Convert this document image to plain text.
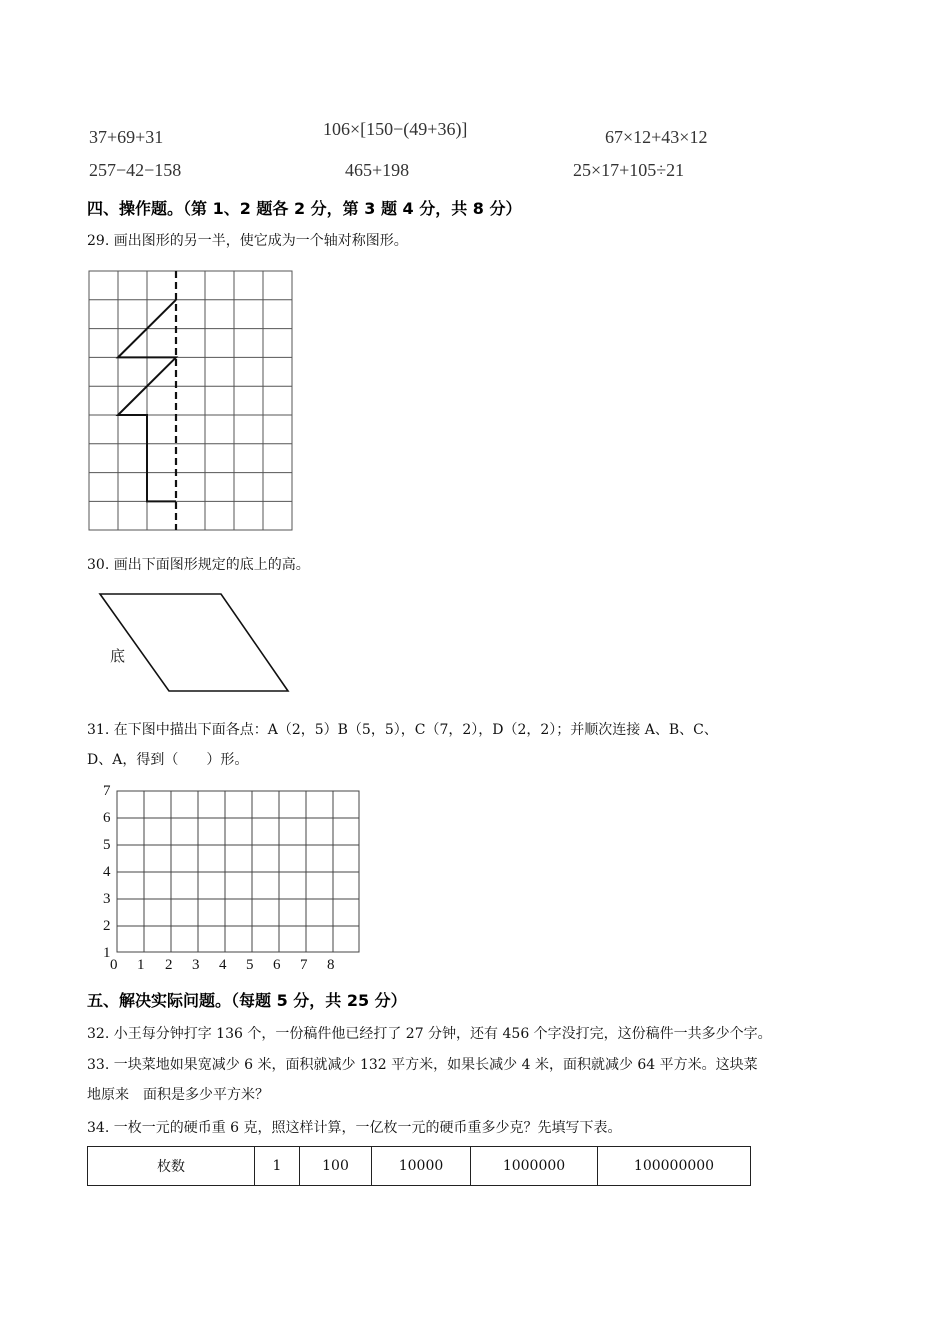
37+69+31	106×[150−(49+36)]	67×12+43×12
257−42−158	465+198	25×17+105÷21
四、操作题。（第 1、2 题各 2 分，第 3 题 4 分，共 8 分）
29. 画出图形的另一半，使它成为一个轴对称图形。
30. 画出下面图形规定的底上的高。
底
31. 在下图中描出下面各点：A（2，5）B（5，5），C（7，2），D（2，2）；并顺次连接 A、B、C、
D、A，得到（　　）形。
7
6
5
4
3
2
1
0 1 2 3 4 5 6 7 8
五、解决实际问题。（每题 5 分，共 25 分）
32. 小王每分钟打字 136 个，一份稿件他已经打了 27 分钟，还有 456 个字没打完，这份稿件一共多少个字。
33. 一块菜地如果宽减少 6 米，面积就减少 132 平方米，如果长减少 4 米，面积就减少 64 平方米。这块菜
地原来　面积是多少平方米？
34. 一枚一元的硬币重 6 克，照这样计算，一亿枚一元的硬币重多少克？先填写下表。
枚数	1	100	10000	1000000	100000000
